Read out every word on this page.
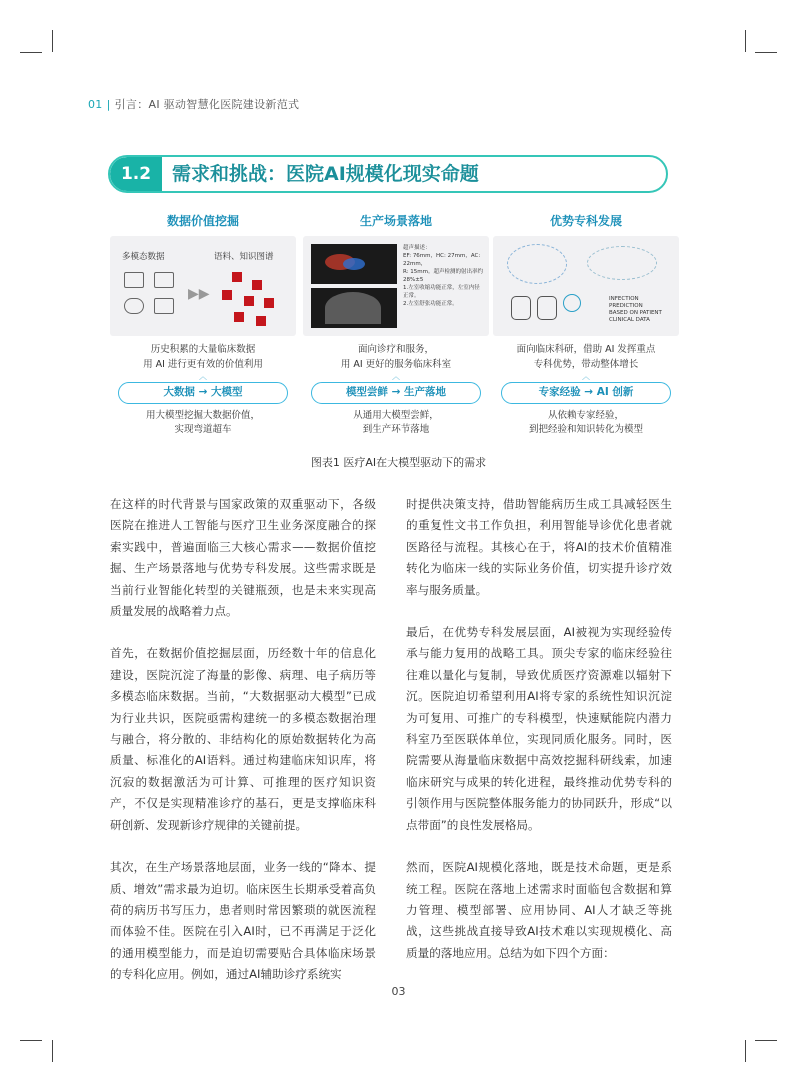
01 | 引言：AI 驱动智慧化医院建设新范式
1.2	需求和挑战：医院AI规模化现实命题
数据价值挖掘
多模态数据	语料、知识图谱
▶▶
历史积累的大量临床数据
用 AI 进行更有效的价值利用
︿
大数据 → 大模型
用大模型挖掘大数据价值，
实现弯道超车
生产场景落地
超声描述：
EF: 76mm，HC: 27mm，AC: 22mm，
R: 15mm。超声检测的射出率约 28%±5
1.左室收缩功能正常，左室内径
正常。
2.左室舒张功能正常。
面向诊疗和服务，
用 AI 更好的服务临床科室
︿
模型尝鲜 → 生产落地
从通用大模型尝鲜，
到生产环节落地
优势专科发展
INFECTION
PREDICTION
BASED ON PATIENT
CLINICAL DATA
面向临床科研，借助 AI 发挥重点
专科优势，带动整体增长
︿
专家经验 → AI 创新
从依赖专家经验，
到把经验和知识转化为模型
图表1 医疗AI在大模型驱动下的需求

在这样的时代背景与国家政策的双重驱动下，各级医院在推进人工智能与医疗卫生业务深度融合的探索实践中，普遍面临三大核心需求——数据价值挖掘、生产场景落地与优势专科发展。这些需求既是当前行业智能化转型的关键瓶颈，也是未来实现高质量发展的战略着力点。

首先，在数据价值挖掘层面，历经数十年的信息化建设，医院沉淀了海量的影像、病理、电子病历等多模态临床数据。当前，“大数据驱动大模型”已成为行业共识，医院亟需构建统一的多模态数据治理与融合，将分散的、非结构化的原始数据转化为高质量、标准化的AI语料。通过构建临床知识库，将沉寂的数据激活为可计算、可推理的医疗知识资产，不仅是实现精准诊疗的基石，更是支撑临床科研创新、发现新诊疗规律的关键前提。

其次，在生产场景落地层面，业务一线的“降本、提质、增效”需求最为迫切。临床医生长期承受着高负荷的病历书写压力，患者则时常因繁琐的就医流程而体验不佳。医院在引入AI时，已不再满足于泛化的通用模型能力，而是迫切需要贴合具体临床场景的专科化应用。例如，通过AI辅助诊疗系统实

时提供决策支持，借助智能病历生成工具减轻医生的重复性文书工作负担，利用智能导诊优化患者就医路径与流程。其核心在于，将AI的技术价值精准转化为临床一线的实际业务价值，切实提升诊疗效率与服务质量。

最后，在优势专科发展层面，AI被视为实现经验传承与能力复用的战略工具。顶尖专家的临床经验往往难以量化与复制，导致优质医疗资源难以辐射下沉。医院迫切希望利用AI将专家的系统性知识沉淀为可复用、可推广的专科模型，快速赋能院内潜力科室乃至医联体单位，实现同质化服务。同时，医院需要从海量临床数据中高效挖掘科研线索，加速临床研究与成果的转化进程，最终推动优势专科的引领作用与医院整体服务能力的协同跃升，形成“以点带面”的良性发展格局。

然而，医院AI规模化落地，既是技术命题，更是系统工程。医院在落地上述需求时面临包含数据和算力管理、模型部署、应用协同、AI人才缺乏等挑战，这些挑战直接导致AI技术难以实现规模化、高质量的落地应用。总结为如下四个方面：

03
